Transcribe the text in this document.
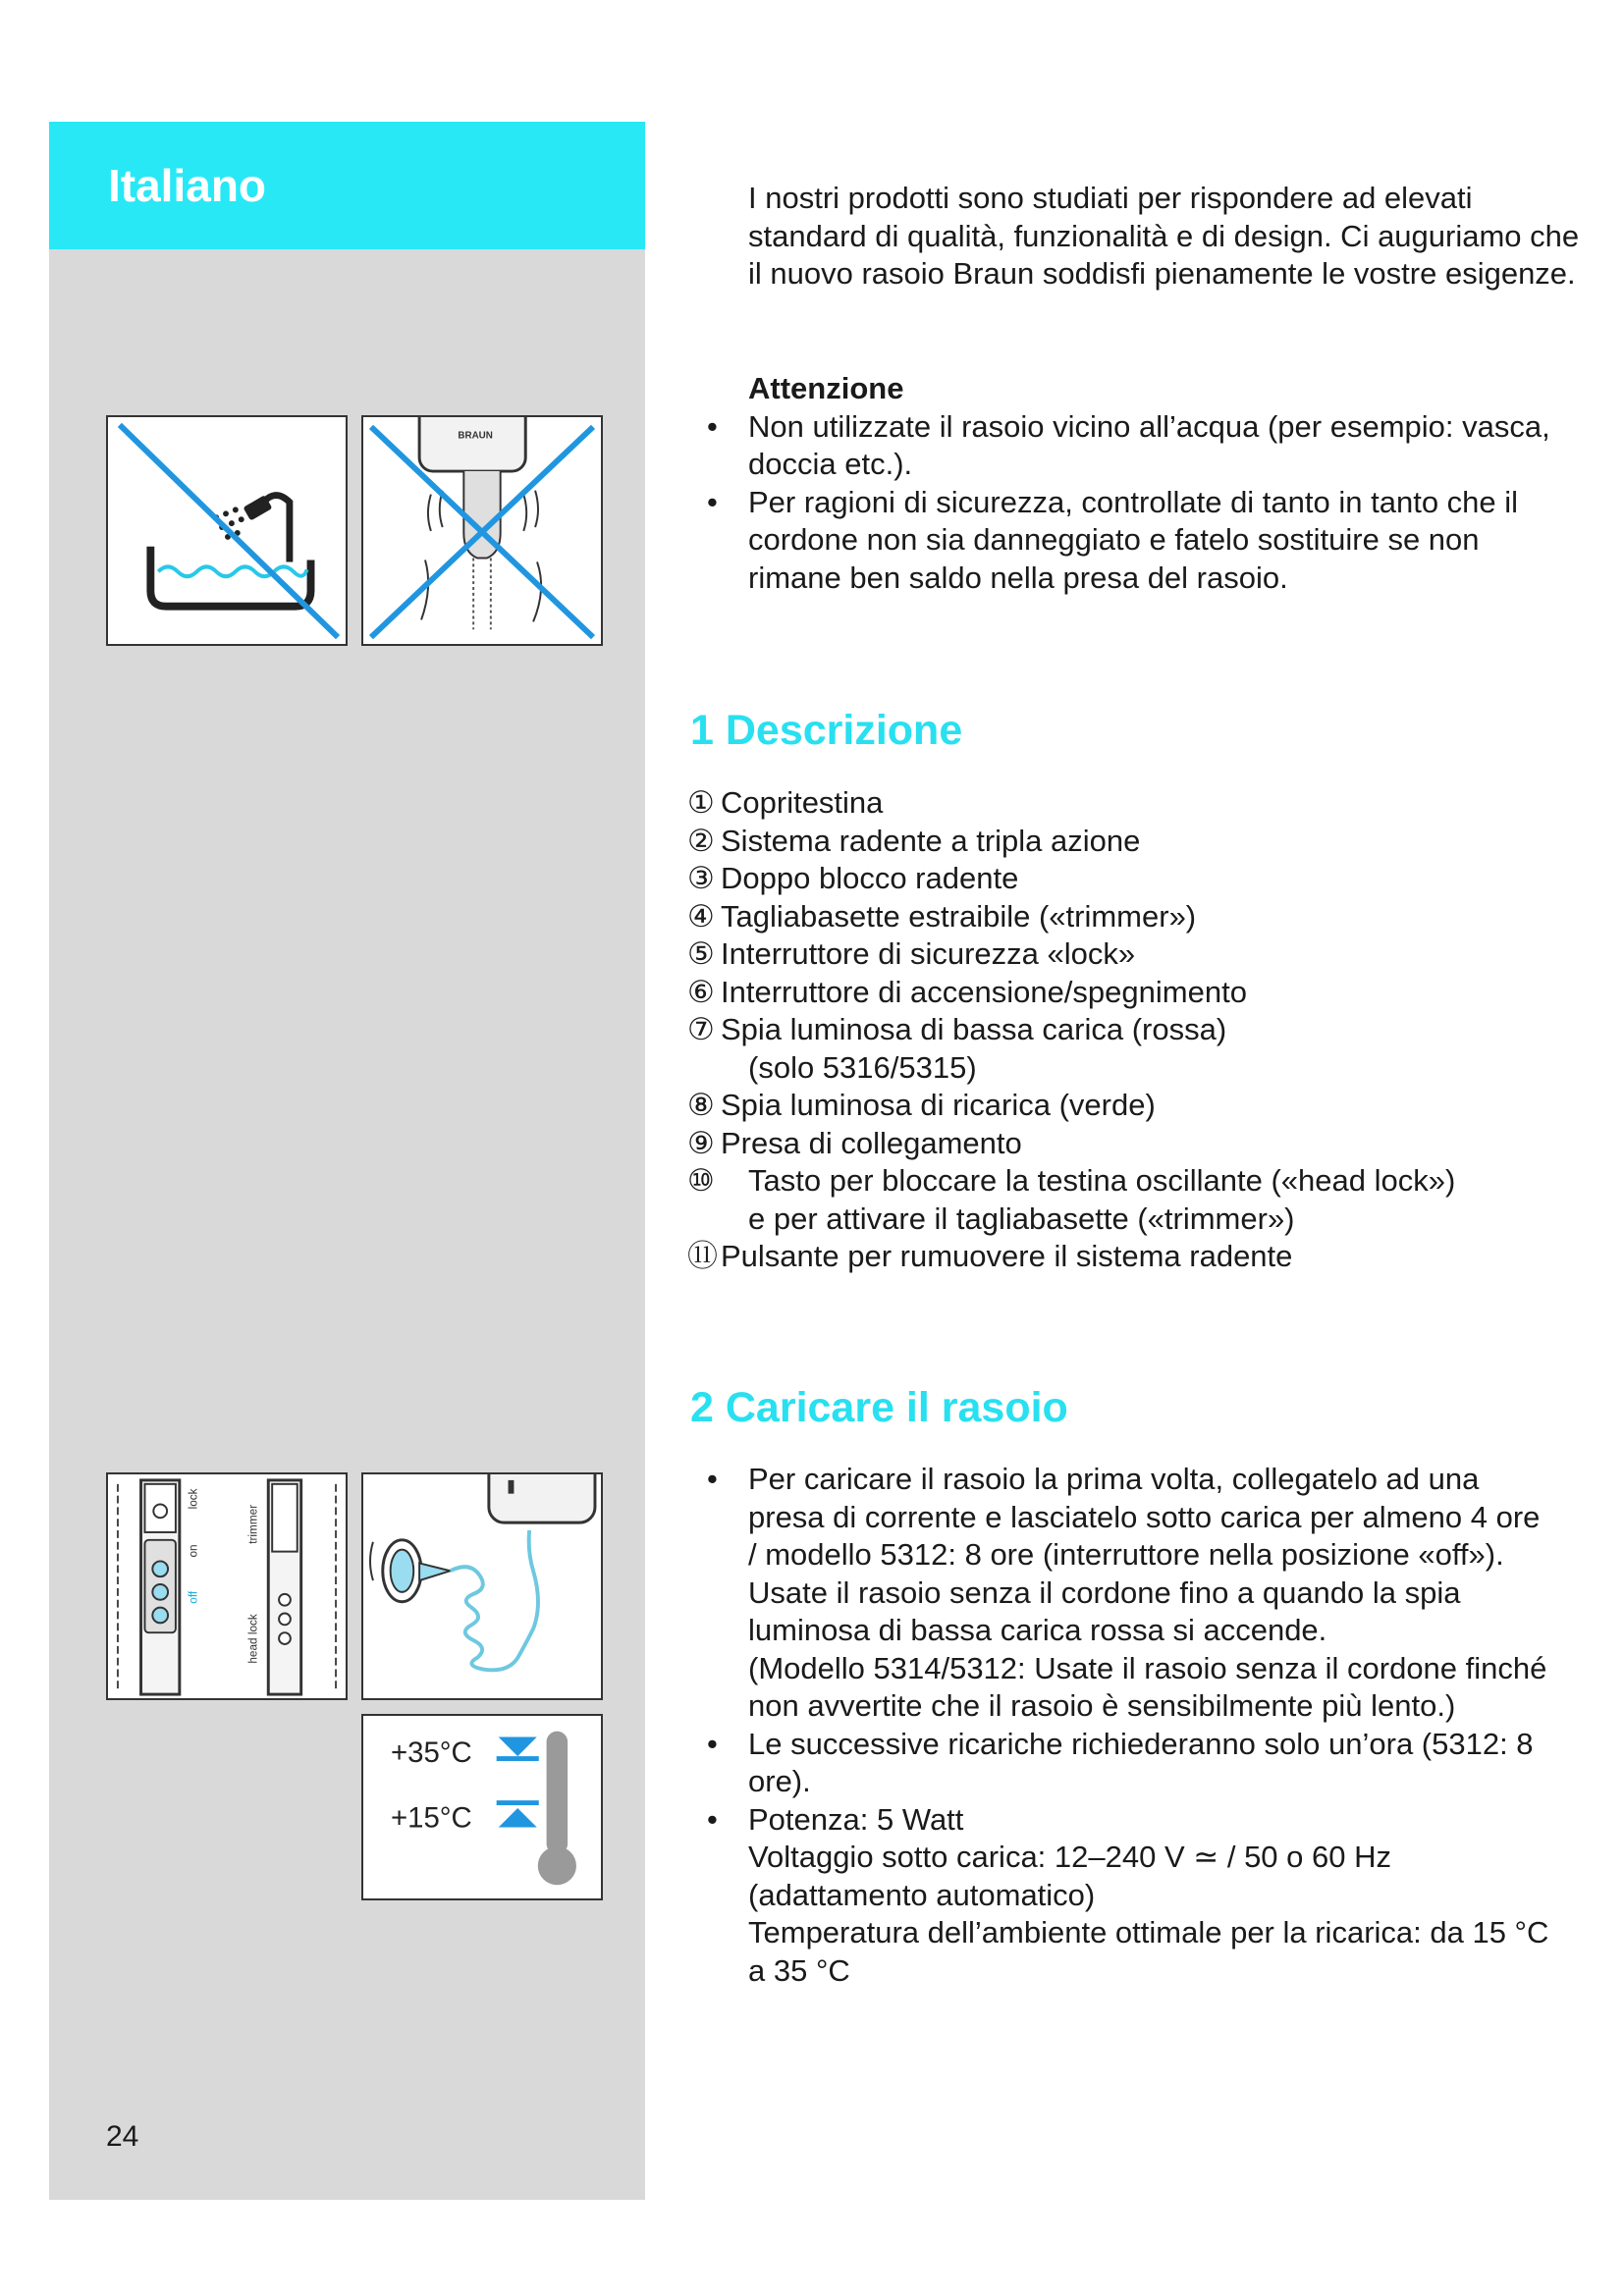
Italiano
BRAUN
lock
on
off
trimmer
head lock
+35°C
+15°C
24

I nostri prodotti sono studiati per rispondere ad elevati standard di qualità, funzionalità e di design. Ci auguriamo che il nuovo rasoio Braun soddisfi pienamente le vostre esigenze.

Attenzione

• Non utilizzate il rasoio vicino all’acqua (per esempio: vasca, doccia etc.).
• Per ragioni di sicurezza, controllate di tanto in tanto che il cordone non sia danneggiato e fatelo sostituire se non rimane ben saldo nella presa del rasoio.
1 Descrizione
① Copritestina
② Sistema radente a tripla azione
③ Doppo blocco radente
④ Tagliabasette estraibile («trimmer»)
⑤ Interruttore di sicurezza «lock»
⑥ Interruttore di accensione/spegnimento
⑦ Spia luminosa di bassa carica (rossa)
(solo 5316/5315)
⑧ Spia luminosa di ricarica (verde)
⑨ Presa di collegamento
⑩ Tasto per bloccare la testina oscillante («head lock»)
e per attivare il tagliabasette («trimmer»)
⑪ Pulsante per rumuovere il sistema radente
2 Caricare il rasoio
• Per caricare il rasoio la prima volta, collegatelo ad una presa di corrente e lasciatelo sotto carica per almeno 4 ore / modello 5312: 8 ore (interruttore nella posizione «off»). Usate il rasoio senza il cordone fino a quando la spia luminosa di bassa carica rossa si accende.

(Modello 5314/5312: Usate il rasoio senza il cordone finché non avvertite che il rasoio è sensibilmente più lento.)

• Le successive ricariche richiederanno solo un’ora (5312: 8 ore).
• Potenza: 5 Watt

Voltaggio sotto carica: 12–240 V ≃ / 50 o 60 Hz (adattamento automatico)

Temperatura dell’ambiente ottimale per la ricarica: da 15 °C a 35 °C
